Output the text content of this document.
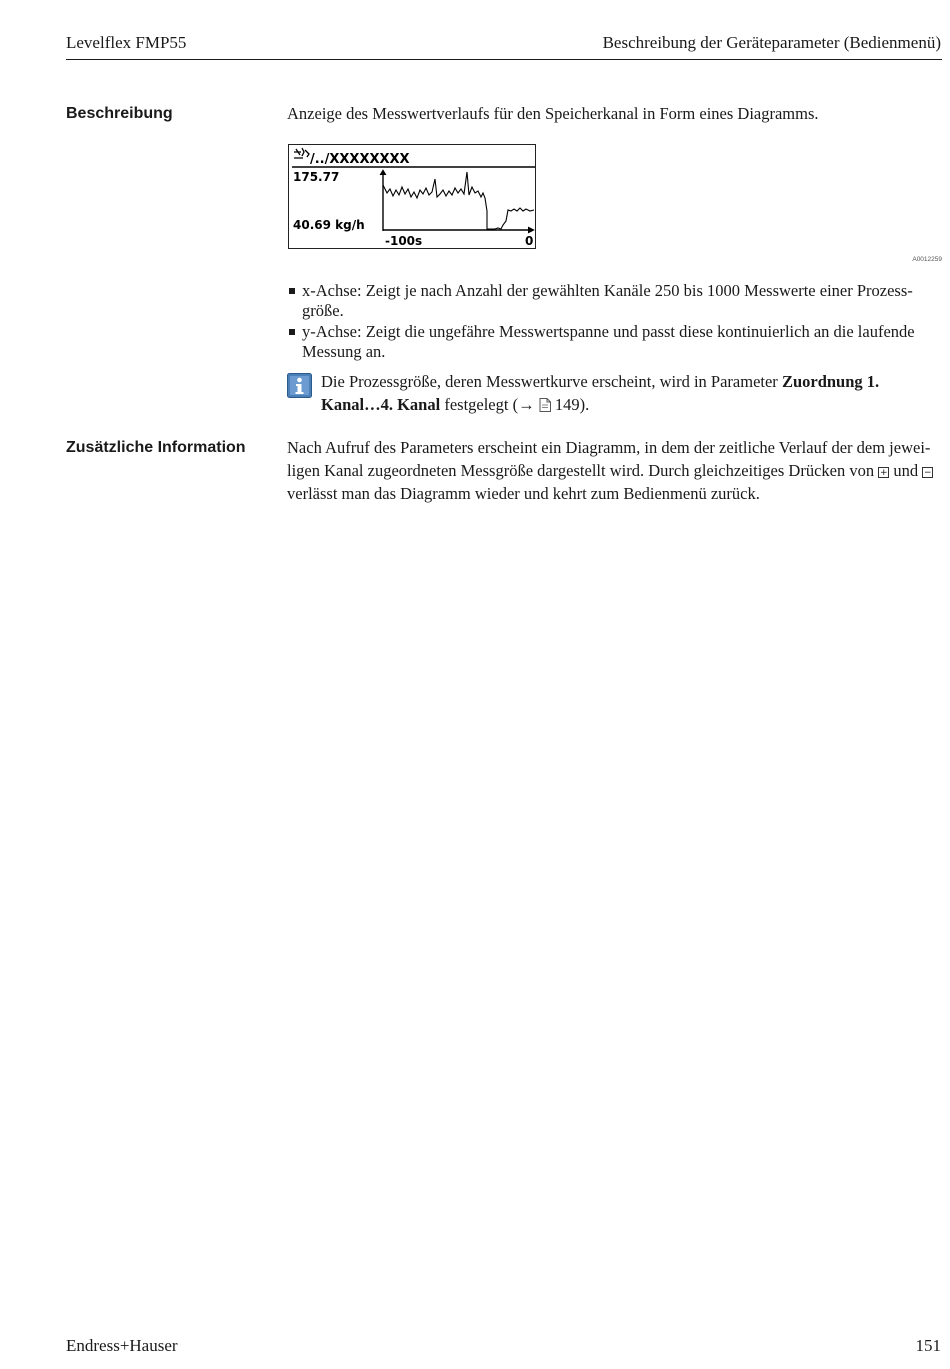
Levelflex FMP55	Beschreibung der Geräteparameter (Bedienmenü)
Beschreibung	Anzeige des Messwertverlaufs für den Speicherkanal in Form eines Diagramms.
/../XXXXXXXX
175.77
40.69 kg/h
-100s	0
A0012259
x-Achse: Zeigt je nach Anzahl der gewählten Kanäle 250 bis 1000 Messwerte einer Prozess-größe.
y-Achse: Zeigt die ungefähre Messwertspanne und passt diese kontinuierlich an die laufende Messung an.
Die Prozessgröße, deren Messwertkurve erscheint, wird in Parameter Zuordnung 1. Kanal…4. Kanal festgelegt (→ 149).
Zusätzliche Information	Nach Aufruf des Parameters erscheint ein Diagramm, in dem der zeitliche Verlauf der dem jewei-ligen Kanal zugeordneten Messgröße dargestellt wird. Durch gleichzeitiges Drücken von + und − verlässt man das Diagramm wieder und kehrt zum Bedienmenü zurück.
Endress+Hauser	151
